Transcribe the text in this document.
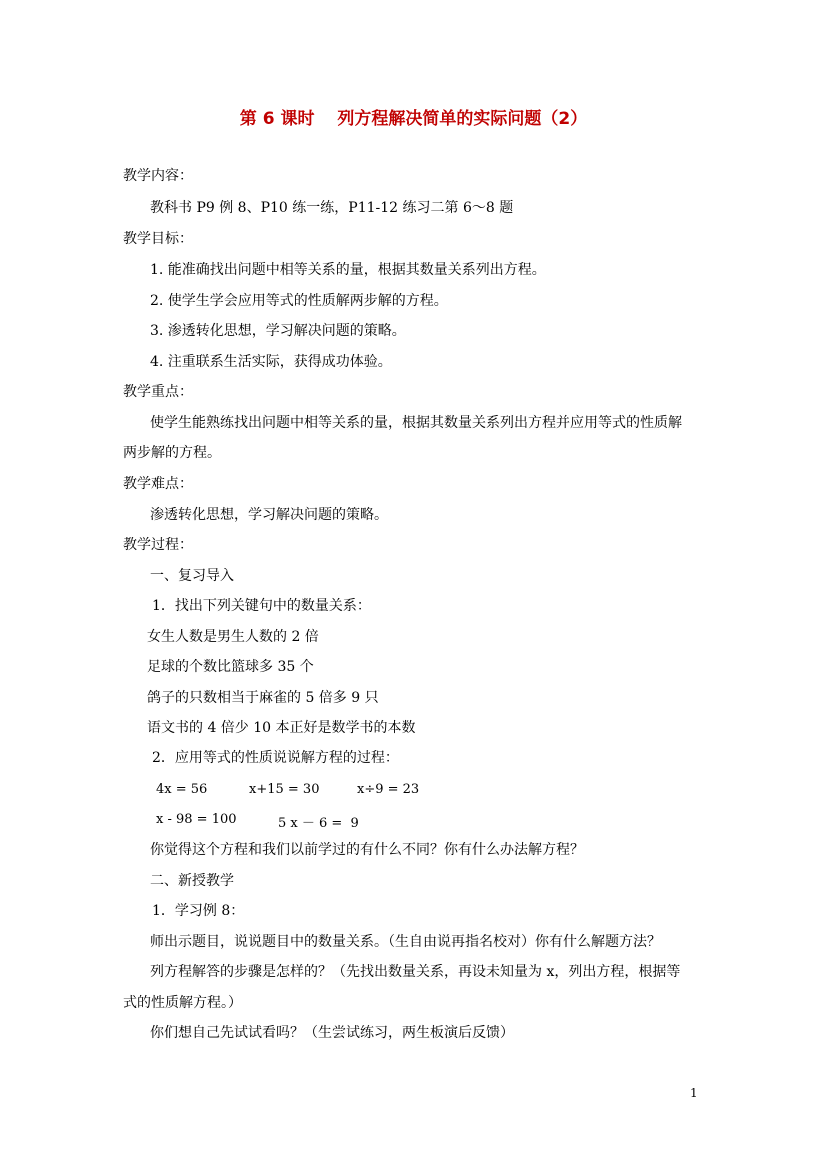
第 6 课时　 列方程解决简单的实际问题（2）
教学内容：
教科书 P9 例 8、P10 练一练，P11-12 练习二第 6～8 题
教学目标：
1. 能准确找出问题中相等关系的量，根据其数量关系列出方程。
2. 使学生学会应用等式的性质解两步解的方程。
3. 渗透转化思想，学习解决问题的策略。
4. 注重联系生活实际，获得成功体验。
教学重点：
使学生能熟练找出问题中相等关系的量，根据其数量关系列出方程并应用等式的性质解
两步解的方程。
教学难点：
渗透转化思想，学习解决问题的策略。
教学过程：
一、复习导入
1．找出下列关键句中的数量关系：
女生人数是男生人数的 2 倍
足球的个数比篮球多 35 个
鸽子的只数相当于麻雀的 5 倍多 9 只
语文书的 4 倍少 10 本正好是数学书的本数
2．应用等式的性质说说解方程的过程：
4x = 56	x+15 = 30	x÷9 = 23
x - 98 = 100	5 x － 6 =  9
你觉得这个方程和我们以前学过的有什么不同？你有什么办法解方程？
二、新授教学
1．学习例 8：
师出示题目，说说题目中的数量关系。（生自由说再指名校对）你有什么解题方法？
列方程解答的步骤是怎样的？（先找出数量关系，再设未知量为 x，列出方程，根据等
式的性质解方程。）
你们想自己先试试看吗？（生尝试练习，两生板演后反馈）
1
